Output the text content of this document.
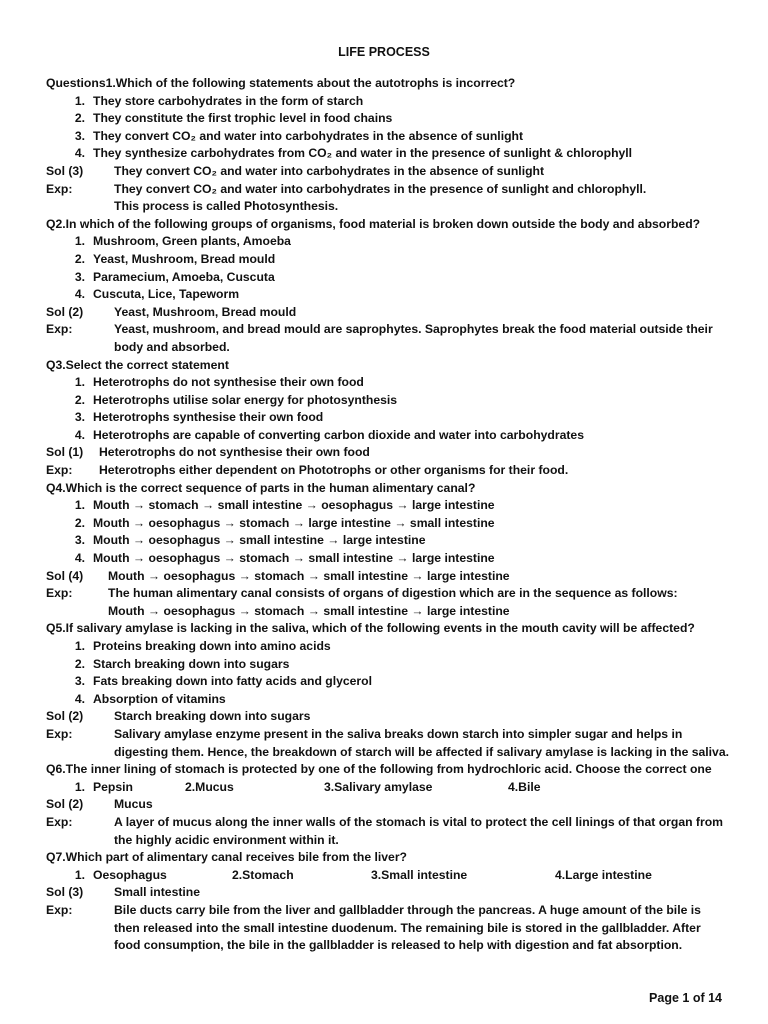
LIFE PROCESS
Questions1.Which of the following statements about the autotrophs is incorrect?
1. They store carbohydrates in the form of starch
2. They constitute the first trophic level in food chains
3. They convert CO₂ and water into carbohydrates in the absence of sunlight
4. They synthesize carbohydrates from CO₂ and water in the presence of sunlight & chlorophyll
Sol (3)	They convert CO₂ and water into carbohydrates in the absence of sunlight
Exp:	They convert CO₂ and water into carbohydrates in the presence of sunlight and chlorophyll. This process is called Photosynthesis.
Q2.In which of the following groups of organisms, food material is broken down outside the body and absorbed?
1. Mushroom, Green plants, Amoeba
2. Yeast, Mushroom, Bread mould
3. Paramecium, Amoeba, Cuscuta
4. Cuscuta, Lice, Tapeworm
Sol (2)	Yeast, Mushroom, Bread mould
Exp:	Yeast, mushroom, and bread mould are saprophytes. Saprophytes break the food material outside their body and absorbed.
Q3.Select the correct statement
1. Heterotrophs do not synthesise their own food
2. Heterotrophs utilise solar energy for photosynthesis
3. Heterotrophs synthesise their own food
4. Heterotrophs are capable of converting carbon dioxide and water into carbohydrates
Sol (1)	Heterotrophs do not synthesise their own food
Exp:	Heterotrophs either dependent on Phototrophs or other organisms for their food.
Q4.Which is the correct sequence of parts in the human alimentary canal?
1. Mouth → stomach → small intestine → oesophagus → large intestine
2. Mouth → oesophagus → stomach → large intestine → small intestine
3. Mouth → oesophagus → small intestine → large intestine
4. Mouth → oesophagus → stomach → small intestine → large intestine
Sol (4)	Mouth → oesophagus → stomach → small intestine → large intestine
Exp:	The human alimentary canal consists of organs of digestion which are in the sequence as follows:
Mouth → oesophagus → stomach → small intestine → large intestine
Q5.If salivary amylase is lacking in the saliva, which of the following events in the mouth cavity will be affected?
1. Proteins breaking down into amino acids
2. Starch breaking down into sugars
3. Fats breaking down into fatty acids and glycerol
4. Absorption of vitamins
Sol (2)	Starch breaking down into sugars
Exp:	Salivary amylase enzyme present in the saliva breaks down starch into simpler sugar and helps in digesting them. Hence, the breakdown of starch will be affected if salivary amylase is lacking in the saliva.
Q6.The inner lining of stomach is protected by one of the following from hydrochloric acid. Choose the correct one
1. Pepsin	2.Mucus	3.Salivary amylase	4.Bile
Sol (2)	Mucus
Exp:	A layer of mucus along the inner walls of the stomach is vital to protect the cell linings of that organ from the highly acidic environment within it.
Q7.Which part of alimentary canal receives bile from the liver?
1. Oesophagus	2.Stomach	3.Small intestine	4.Large intestine
Sol (3)	Small intestine
Exp:	Bile ducts carry bile from the liver and gallbladder through the pancreas. A huge amount of the bile is then released into the small intestine duodenum. The remaining bile is stored in the gallbladder. After food consumption, the bile in the gallbladder is released to help with digestion and fat absorption.
Page 1 of 14
